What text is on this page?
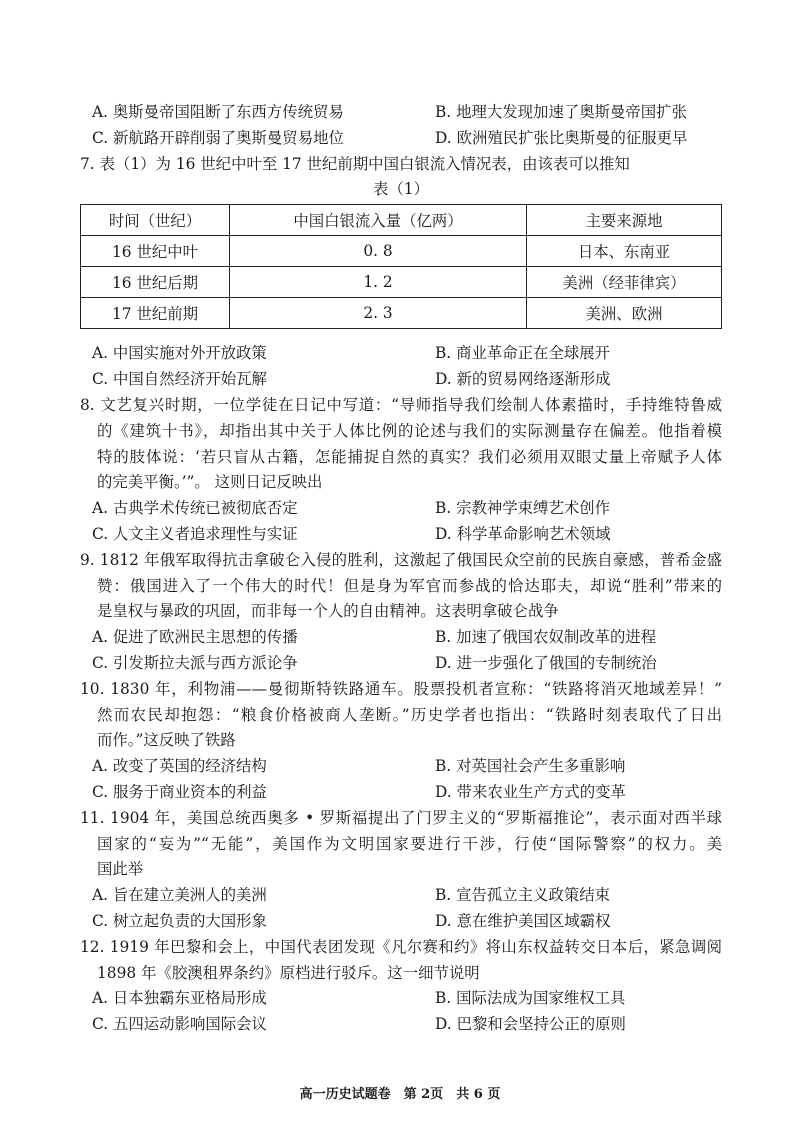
A. 奥斯曼帝国阻断了东西方传统贸易	B. 地理大发现加速了奥斯曼帝国扩张
C. 新航路开辟削弱了奥斯曼贸易地位	D. 欧洲殖民扩张比奥斯曼的征服更早
7. 表（1）为 16 世纪中叶至 17 世纪前期中国白银流入情况表，由该表可以推知
表（1）
时间（世纪）	中国白银流入量（亿两）	主要来源地
16 世纪中叶	0. 8	日本、东南亚
16 世纪后期	1. 2	美洲（经菲律宾）
17 世纪前期	2. 3	美洲、欧洲
A. 中国实施对外开放政策	B. 商业革命正在全球展开
C. 中国自然经济开始瓦解	D. 新的贸易网络逐渐形成
8. 文艺复兴时期，一位学徒在日记中写道：“导师指导我们绘制人体素描时，手持维特鲁威
的《建筑十书》，却指出其中关于人体比例的论述与我们的实际测量存在偏差。他指着模
特的肢体说：‘若只盲从古籍，怎能捕捉自然的真实？我们必须用双眼丈量上帝赋予人体
的完美平衡。’”。 这则日记反映出
A. 古典学术传统已被彻底否定	B. 宗教神学束缚艺术创作
C. 人文主义者追求理性与实证	D. 科学革命影响艺术领域
9. 1812 年俄军取得抗击拿破仑入侵的胜利，这激起了俄国民众空前的民族自豪感，普希金盛
赞：俄国进入了一个伟大的时代！但是身为军官而参战的恰达耶夫，却说“胜利”带来的
是皇权与暴政的巩固，而非每一个人的自由精神。这表明拿破仑战争
A. 促进了欧洲民主思想的传播	B. 加速了俄国农奴制改革的进程
C. 引发斯拉夫派与西方派论争	D. 进一步强化了俄国的专制统治
10. 1830 年，利物浦——曼彻斯特铁路通车。股票投机者宣称：“铁路将消灭地域差异！”
然而农民却抱怨：“粮食价格被商人垄断。”历史学者也指出：“铁路时刻表取代了日出
而作。”这反映了铁路
A. 改变了英国的经济结构	B. 对英国社会产生多重影响
C. 服务于商业资本的利益	D. 带来农业生产方式的变革
11. 1904 年，美国总统西奥多 • 罗斯福提出了门罗主义的“罗斯福推论”，表示面对西半球
国家的“妄为”“无能”，美国作为文明国家要进行干涉，行使“国际警察”的权力。美
国此举
A. 旨在建立美洲人的美洲	B. 宣告孤立主义政策结束
C. 树立起负责的大国形象	D. 意在维护美国区域霸权
12. 1919 年巴黎和会上，中国代表团发现《凡尔赛和约》将山东权益转交日本后，紧急调阅
1898 年《胶澳租界条约》原档进行驳斥。这一细节说明
A. 日本独霸东亚格局形成	B. 国际法成为国家维权工具
C. 五四运动影响国际会议	D. 巴黎和会坚持公正的原则
高一历史试题卷　第 2页　共 6 页
